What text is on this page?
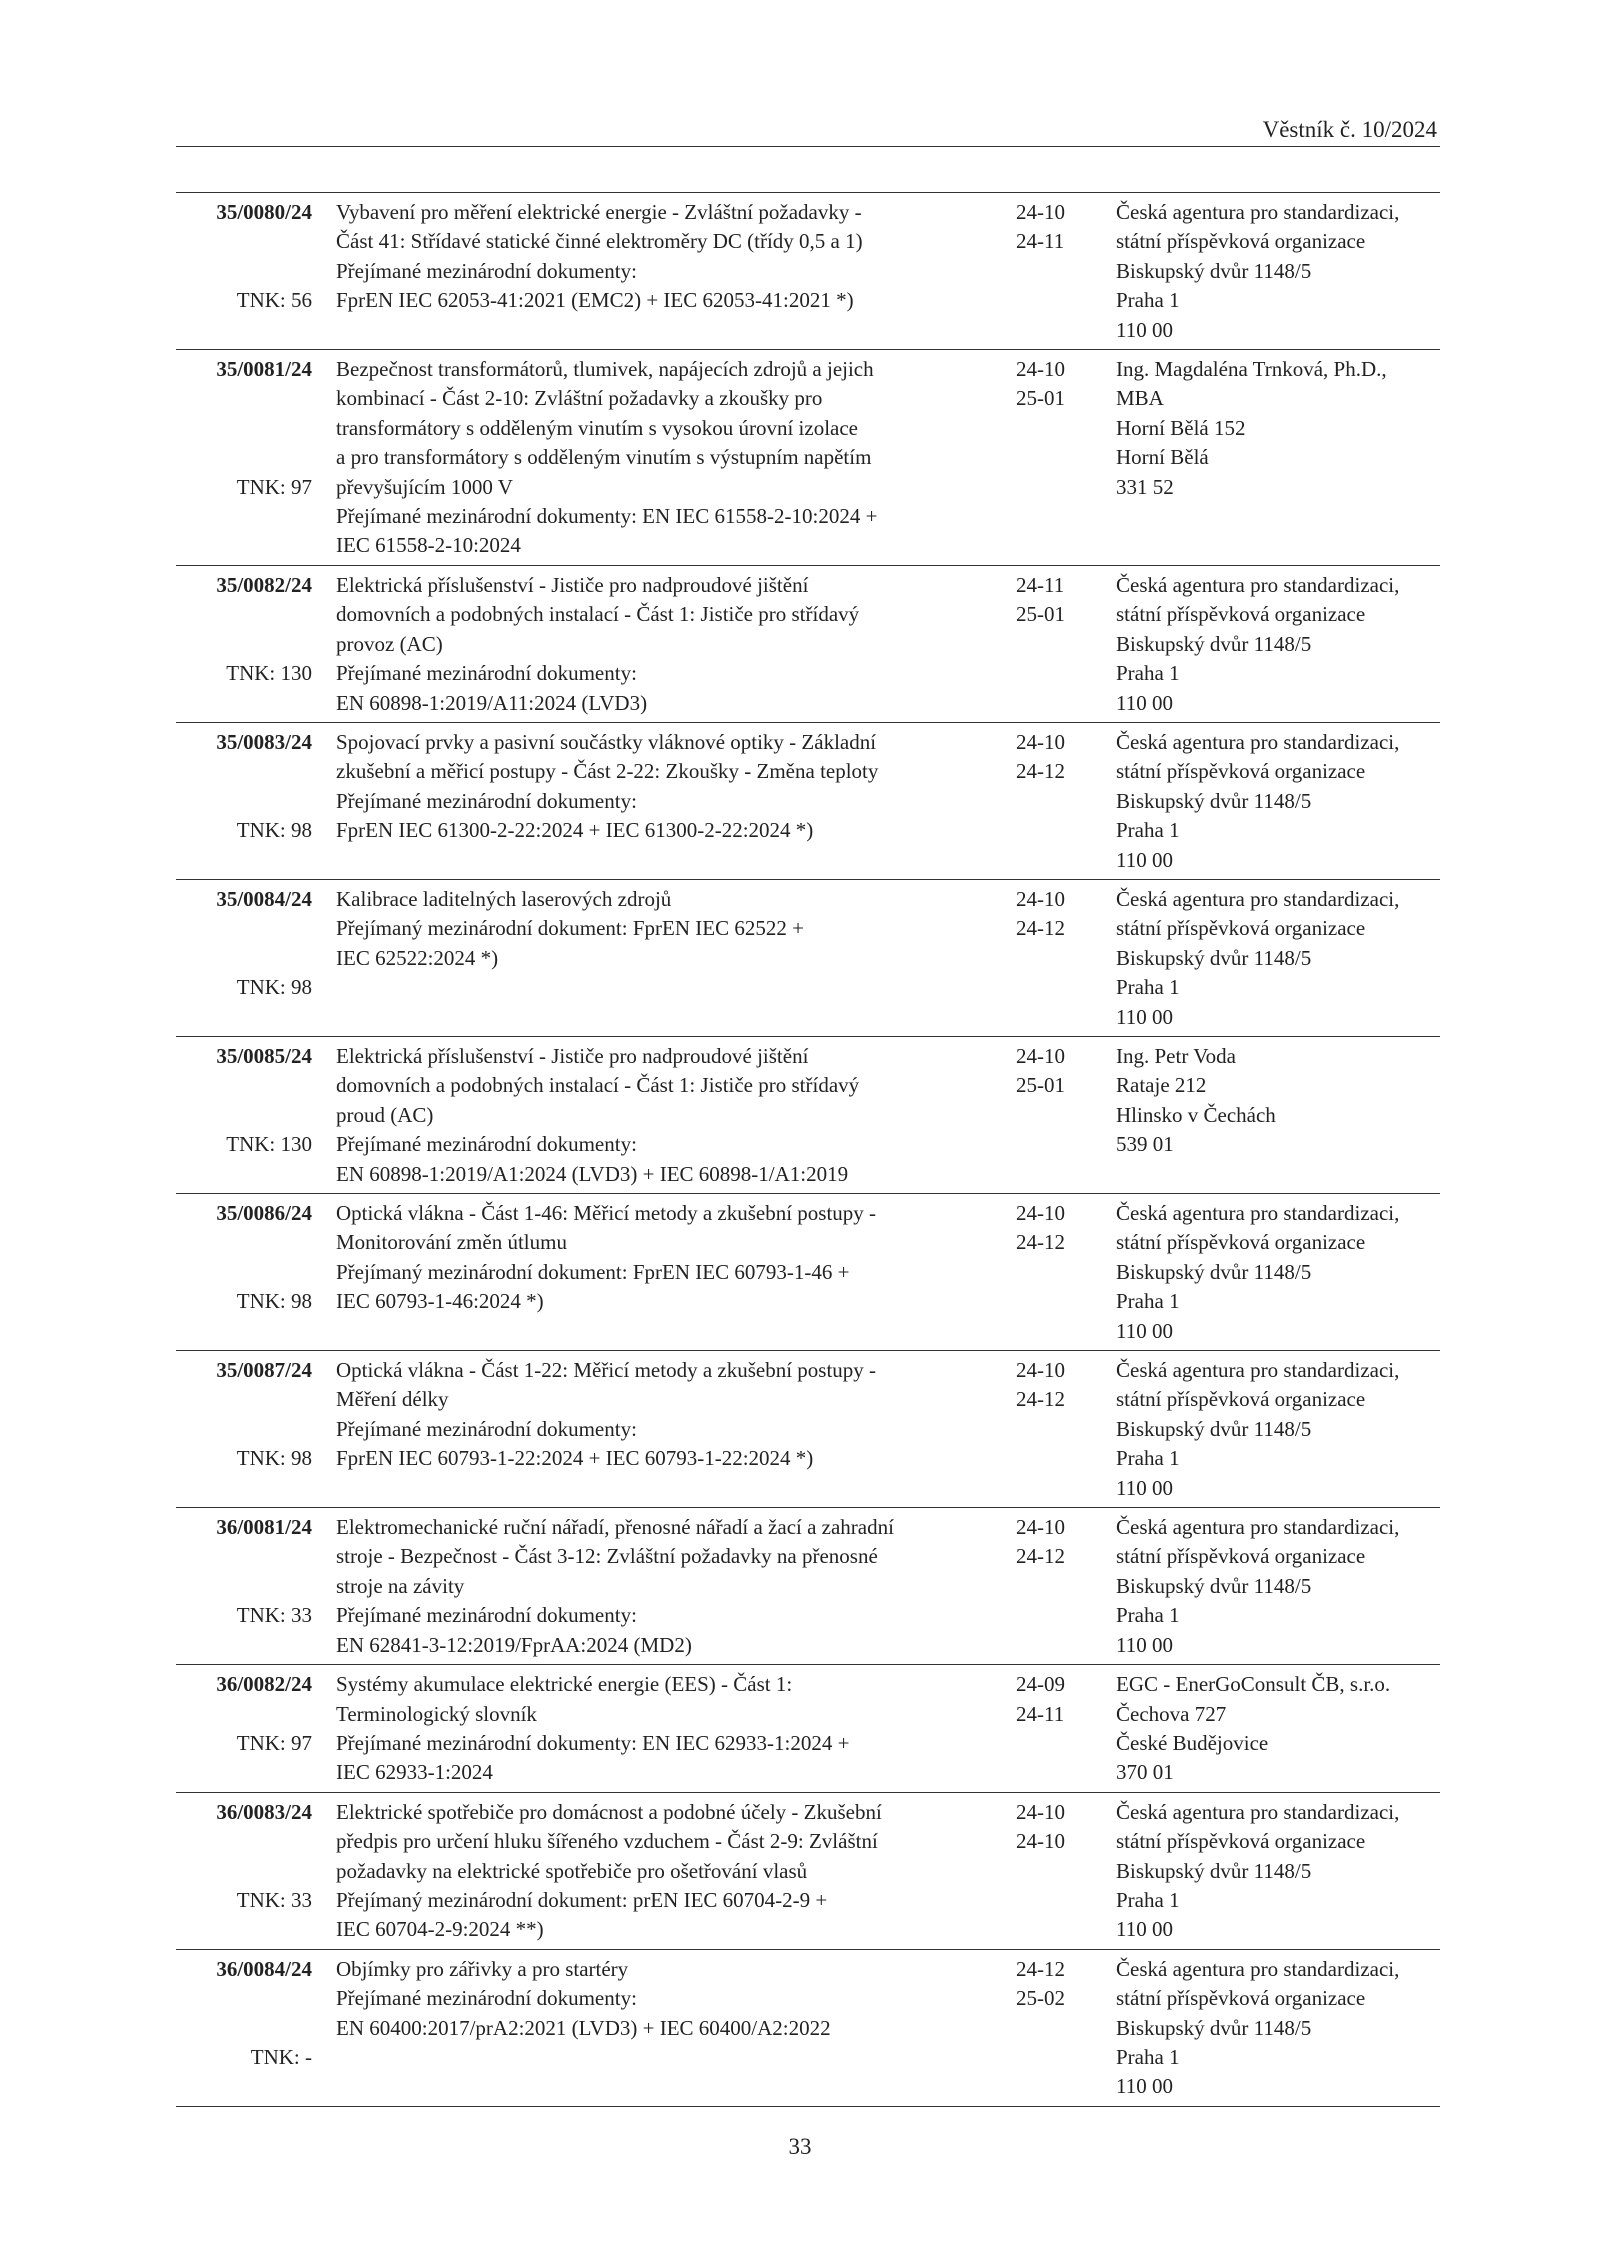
Věstník č. 10/2024
35/0080/24
TNK: 56
Vybavení pro měření elektrické energie - Zvláštní požadavky -
Část 41: Střídavé statické činné elektroměry DC (třídy 0,5 a 1)
Přejímané mezinárodní dokumenty:
FprEN IEC 62053-41:2021 (EMC2) + IEC 62053-41:2021 *)
24-10
24-11
Česká agentura pro standardizaci,
státní příspěvková organizace
Biskupský dvůr 1148/5
Praha 1
110 00
35/0081/24
TNK: 97
Bezpečnost transformátorů, tlumivek, napájecích zdrojů a jejich
kombinací - Část 2-10: Zvláštní požadavky a zkoušky pro
transformátory s odděleným vinutím s vysokou úrovní izolace
a pro transformátory s odděleným vinutím s výstupním napětím
převyšujícím 1000 V
Přejímané mezinárodní dokumenty: EN IEC 61558-2-10:2024 +
IEC 61558-2-10:2024
24-10
25-01
Ing. Magdaléna Trnková, Ph.D.,
MBA
Horní Bělá 152
Horní Bělá
331 52
35/0082/24
TNK: 130
Elektrická příslušenství - Jističe pro nadproudové jištění
domovních a podobných instalací - Část 1: Jističe pro střídavý
provoz (AC)
Přejímané mezinárodní dokumenty:
EN 60898-1:2019/A11:2024 (LVD3)
24-11
25-01
Česká agentura pro standardizaci,
státní příspěvková organizace
Biskupský dvůr 1148/5
Praha 1
110 00
35/0083/24
TNK: 98
Spojovací prvky a pasivní součástky vláknové optiky - Základní
zkušební a měřicí postupy - Část 2-22: Zkoušky - Změna teploty
Přejímané mezinárodní dokumenty:
FprEN IEC 61300-2-22:2024 + IEC 61300-2-22:2024 *)
24-10
24-12
Česká agentura pro standardizaci,
státní příspěvková organizace
Biskupský dvůr 1148/5
Praha 1
110 00
35/0084/24
TNK: 98
Kalibrace laditelných laserových zdrojů
Přejímaný mezinárodní dokument: FprEN IEC 62522 +
IEC 62522:2024 *)
24-10
24-12
Česká agentura pro standardizaci,
státní příspěvková organizace
Biskupský dvůr 1148/5
Praha 1
110 00
35/0085/24
TNK: 130
Elektrická příslušenství - Jističe pro nadproudové jištění
domovních a podobných instalací - Část 1: Jističe pro střídavý
proud (AC)
Přejímané mezinárodní dokumenty:
EN 60898-1:2019/A1:2024 (LVD3) + IEC 60898-1/A1:2019
24-10
25-01
Ing. Petr Voda
Rataje 212
Hlinsko v Čechách
539 01
35/0086/24
TNK: 98
Optická vlákna - Část 1-46: Měřicí metody a zkušební postupy -
Monitorování změn útlumu
Přejímaný mezinárodní dokument: FprEN IEC 60793-1-46 +
IEC 60793-1-46:2024 *)
24-10
24-12
Česká agentura pro standardizaci,
státní příspěvková organizace
Biskupský dvůr 1148/5
Praha 1
110 00
35/0087/24
TNK: 98
Optická vlákna - Část 1-22: Měřicí metody a zkušební postupy -
Měření délky
Přejímané mezinárodní dokumenty:
FprEN IEC 60793-1-22:2024 + IEC 60793-1-22:2024 *)
24-10
24-12
Česká agentura pro standardizaci,
státní příspěvková organizace
Biskupský dvůr 1148/5
Praha 1
110 00
36/0081/24
TNK: 33
Elektromechanické ruční nářadí, přenosné nářadí a žací a zahradní
stroje - Bezpečnost - Část 3-12: Zvláštní požadavky na přenosné
stroje na závity
Přejímané mezinárodní dokumenty:
EN 62841-3-12:2019/FprAA:2024 (MD2)
24-10
24-12
Česká agentura pro standardizaci,
státní příspěvková organizace
Biskupský dvůr 1148/5
Praha 1
110 00
36/0082/24
TNK: 97
Systémy akumulace elektrické energie (EES) - Část 1:
Terminologický slovník
Přejímané mezinárodní dokumenty: EN IEC 62933-1:2024 +
IEC 62933-1:2024
24-09
24-11
EGC - EnerGoConsult ČB, s.r.o.
Čechova 727
České Budějovice
370 01
36/0083/24
TNK: 33
Elektrické spotřebiče pro domácnost a podobné účely - Zkušební
předpis pro určení hluku šířeného vzduchem - Část 2-9: Zvláštní
požadavky na elektrické spotřebiče pro ošetřování vlasů
Přejímaný mezinárodní dokument: prEN IEC 60704-2-9 +
IEC 60704-2-9:2024 **)
24-10
24-10
Česká agentura pro standardizaci,
státní příspěvková organizace
Biskupský dvůr 1148/5
Praha 1
110 00
36/0084/24
TNK: -
Objímky pro zářivky a pro startéry
Přejímané mezinárodní dokumenty:
EN 60400:2017/prA2:2021 (LVD3) + IEC 60400/A2:2022
24-12
25-02
Česká agentura pro standardizaci,
státní příspěvková organizace
Biskupský dvůr 1148/5
Praha 1
110 00
33
